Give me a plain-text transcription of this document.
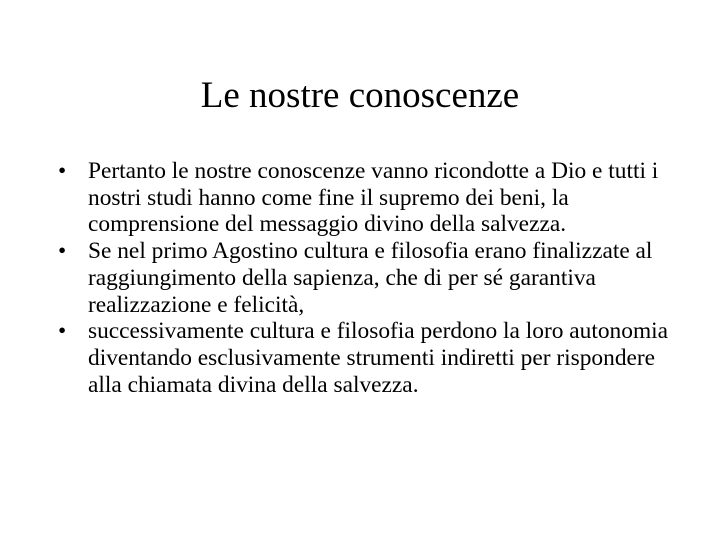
Le nostre conoscenze
• Pertanto le nostre conoscenze vanno ricondotte a Dio e tutti i nostri studi hanno come fine il supremo dei beni, la comprensione del messaggio divino della salvezza.
• Se nel primo Agostino cultura e filosofia erano finalizzate al raggiungimento della sapienza, che di per sé garantiva realizzazione e felicità,
• successivamente cultura e filosofia perdono la loro autonomia diventando esclusivamente strumenti indiretti per rispondere alla chiamata divina della salvezza.
